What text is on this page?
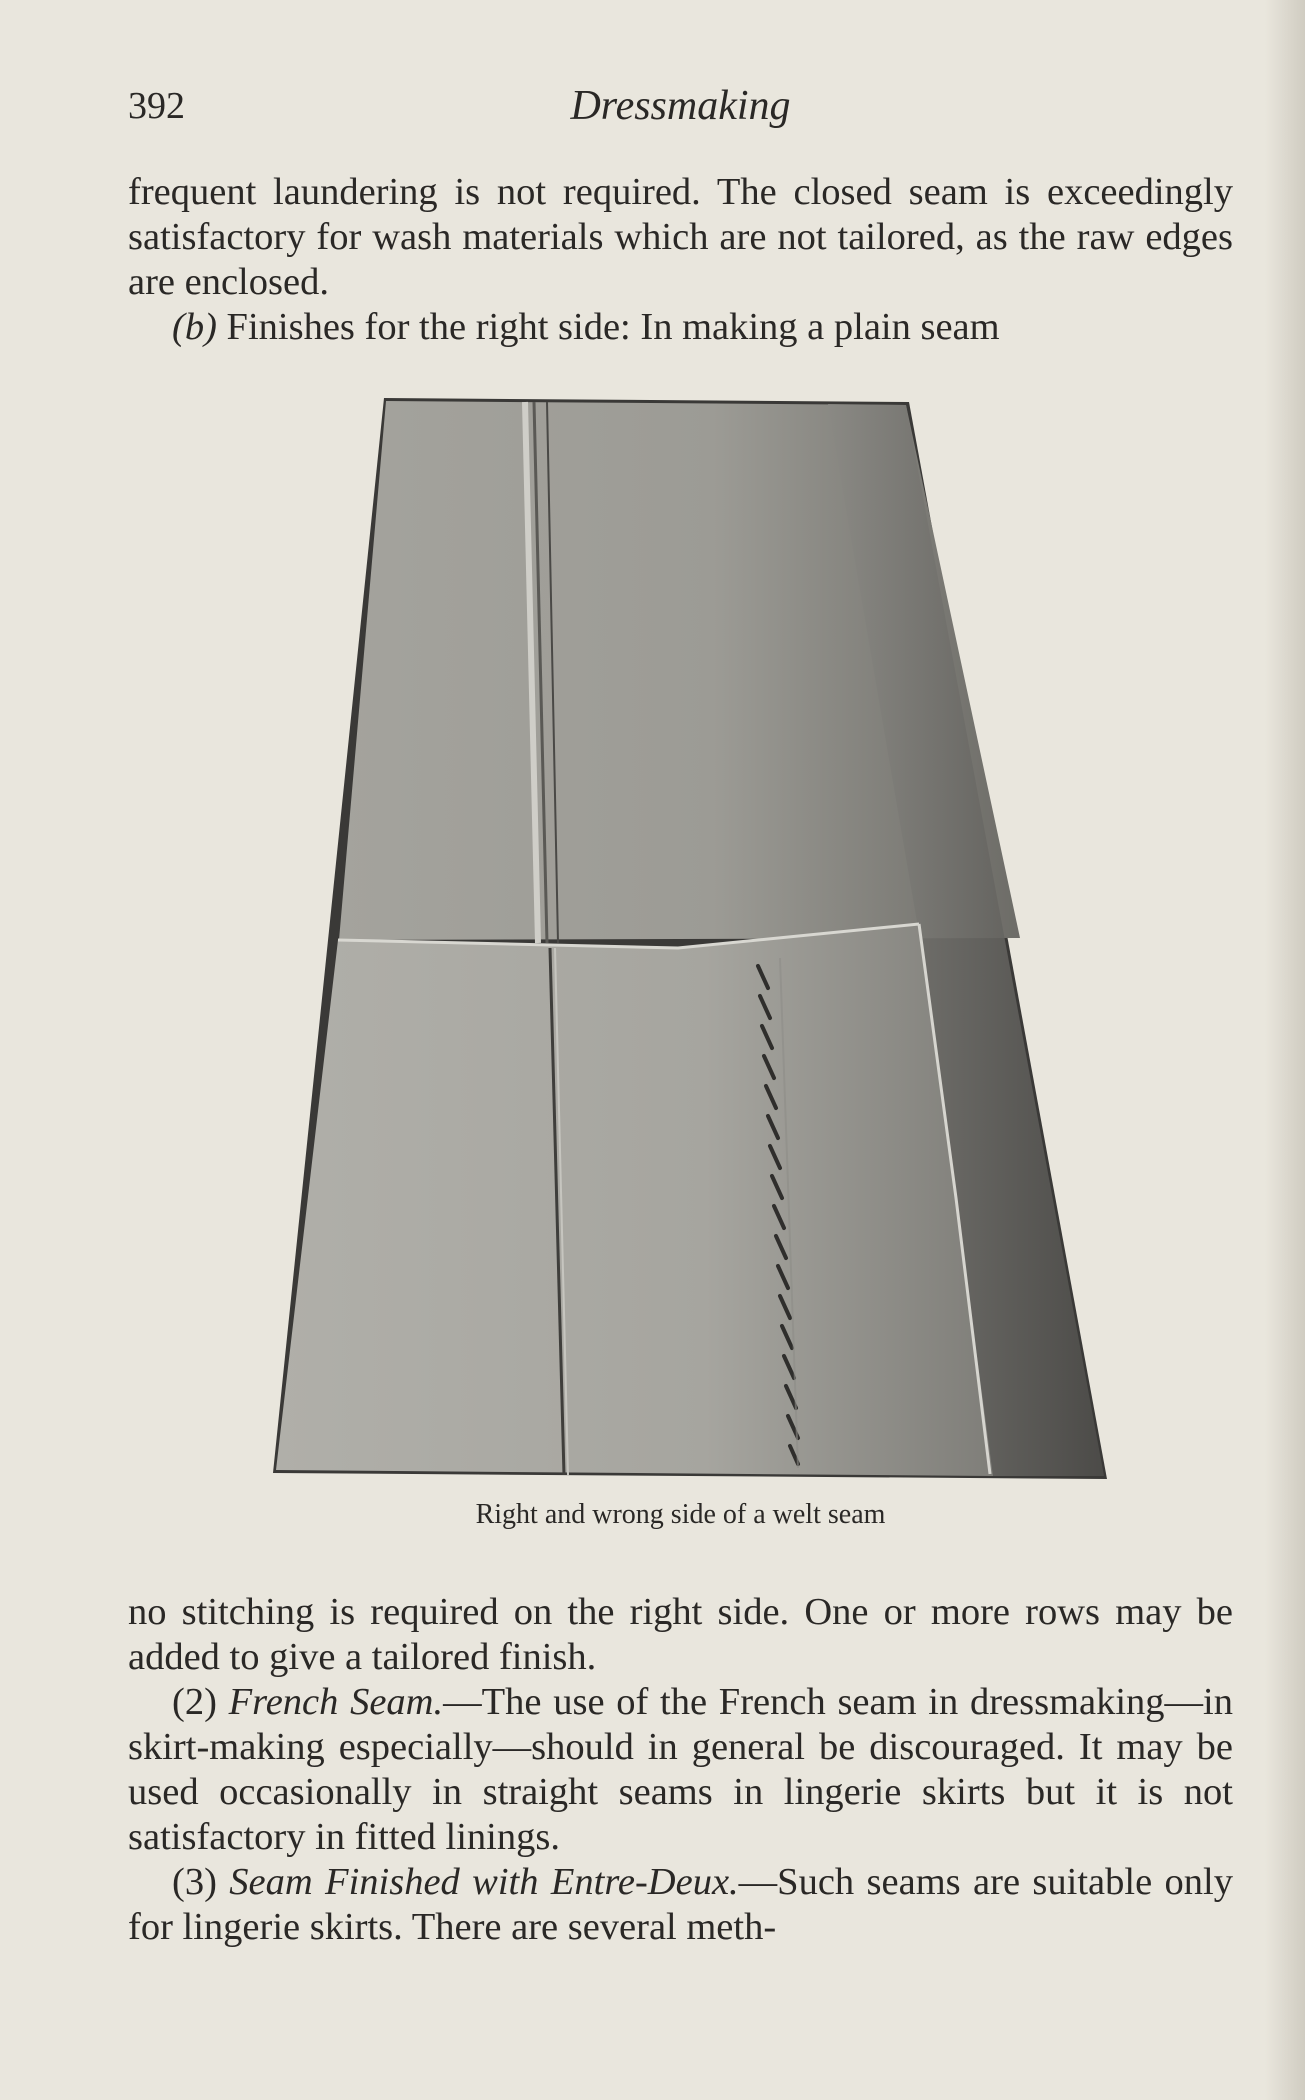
392	Dressmaking

frequent laundering is not required. The closed seam is exceedingly satisfactory for wash materials which are not tailored, as the raw edges are enclosed.

(b) Finishes for the right side: In making a plain seam

Right and wrong side of a welt seam

no stitching is required on the right side. One or more rows may be added to give a tailored finish.

(2) French Seam.—The use of the French seam in dressmaking—in skirt-making especially—should in general be discouraged. It may be used occasionally in straight seams in lingerie skirts but it is not satisfactory in fitted linings.

(3) Seam Finished with Entre-Deux.—Such seams are suitable only for lingerie skirts. There are several meth-
